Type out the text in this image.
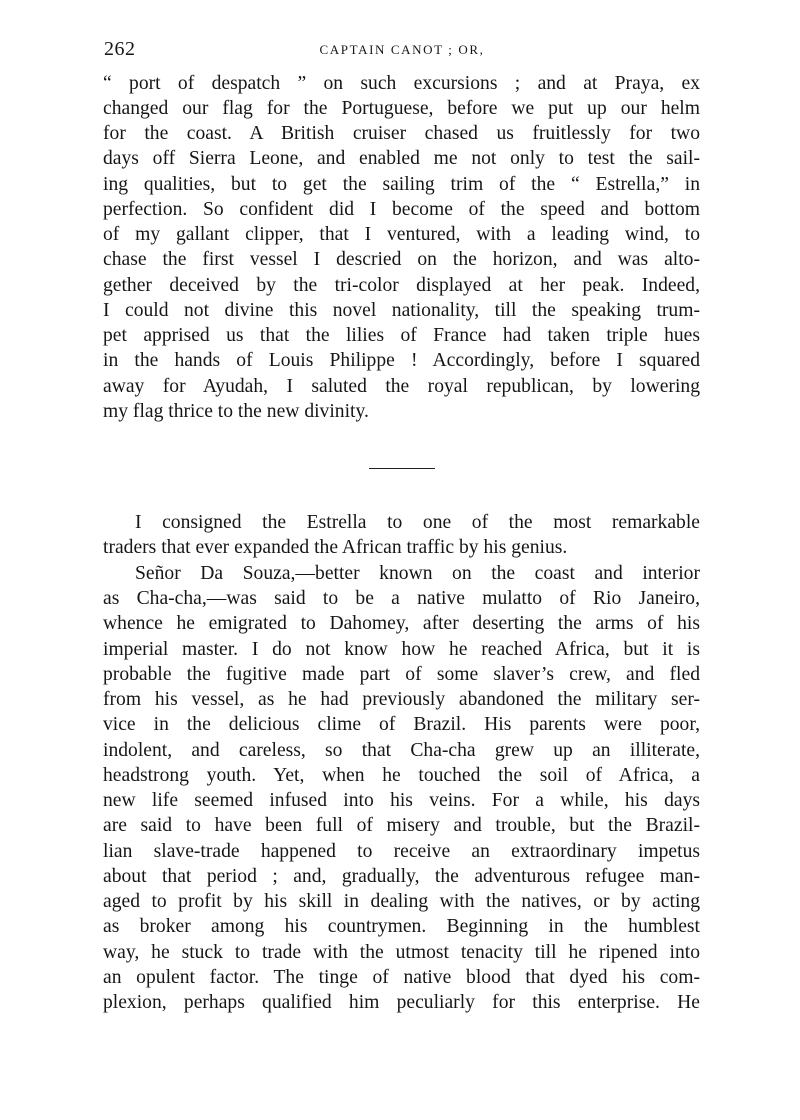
262	CAPTAIN CANOT ; OR,
“ port of despatch ” on such excursions ; and at Praya, ex
changed our flag for the Portuguese, before we put up our helm
for the coast. A British cruiser chased us fruitlessly for two
days off Sierra Leone, and enabled me not only to test the sail-
ing qualities, but to get the sailing trim of the “ Estrella,” in
perfection. So confident did I become of the speed and bottom
of my gallant clipper, that I ventured, with a leading wind, to
chase the first vessel I descried on the horizon, and was alto-
gether deceived by the tri-color displayed at her peak. Indeed,
I could not divine this novel nationality, till the speaking trum-
pet apprised us that the lilies of France had taken triple hues
in the hands of Louis Philippe ! Accordingly, before I squared
away for Ayudah, I saluted the royal republican, by lowering
my flag thrice to the new divinity.
I consigned the Estrella to one of the most remarkable
traders that ever expanded the African traffic by his genius.
Señor Da Souza,—better known on the coast and interior
as Cha-cha,—was said to be a native mulatto of Rio Janeiro,
whence he emigrated to Dahomey, after deserting the arms of his
imperial master. I do not know how he reached Africa, but it is
probable the fugitive made part of some slaver’s crew, and fled
from his vessel, as he had previously abandoned the military ser-
vice in the delicious clime of Brazil. His parents were poor,
indolent, and careless, so that Cha-cha grew up an illiterate,
headstrong youth. Yet, when he touched the soil of Africa, a
new life seemed infused into his veins. For a while, his days
are said to have been full of misery and trouble, but the Brazil-
lian slave-trade happened to receive an extraordinary impetus
about that period ; and, gradually, the adventurous refugee man-
aged to profit by his skill in dealing with the natives, or by acting
as broker among his countrymen. Beginning in the humblest
way, he stuck to trade with the utmost tenacity till he ripened into
an opulent factor. The tinge of native blood that dyed his com-
plexion, perhaps qualified him peculiarly for this enterprise. He
